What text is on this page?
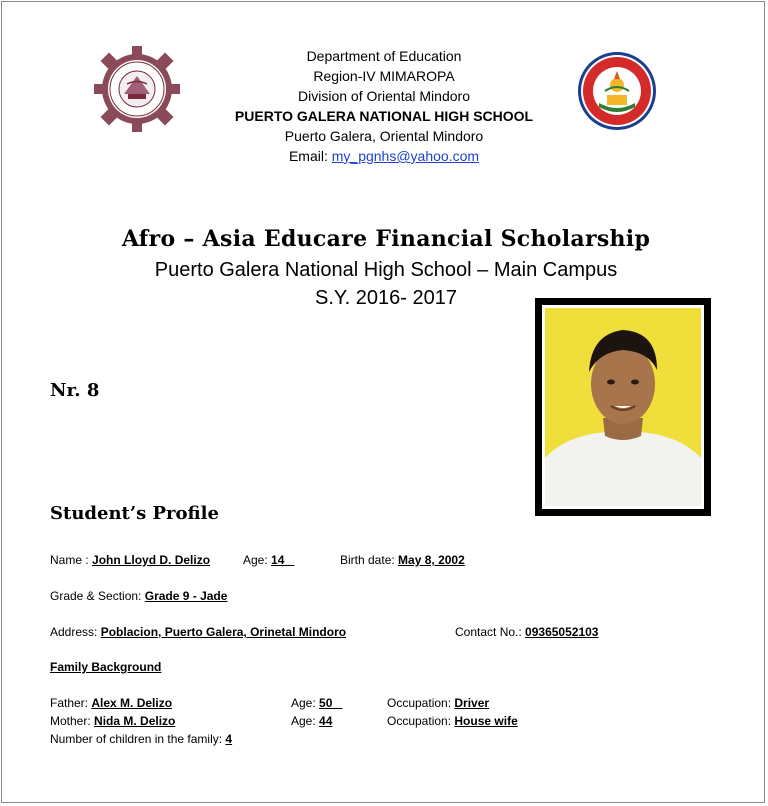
Department of Education
Region-IV MIMAROPA
Division of Oriental Mindoro
PUERTO GALERA NATIONAL HIGH SCHOOL
Puerto Galera, Oriental Mindoro
Email: my_pgnhs@yahoo.com
Afro – Asia Educare Financial Scholarship
Puerto Galera National High School – Main Campus
S.Y. 2016- 2017
Nr. 8
Student’s Profile
Name : John Lloyd D. Delizo	Age: 14	Birth date: May 8, 2002
Grade & Section: Grade 9 - Jade
Address: Poblacion, Puerto Galera, Orinetal Mindoro	Contact No.: 09365052103
Family Background
Father: Alex M. Delizo	Age: 50	Occupation: Driver
Mother: Nida M. Delizo	Age: 44	Occupation: House wife
Number of children in the family: 4
